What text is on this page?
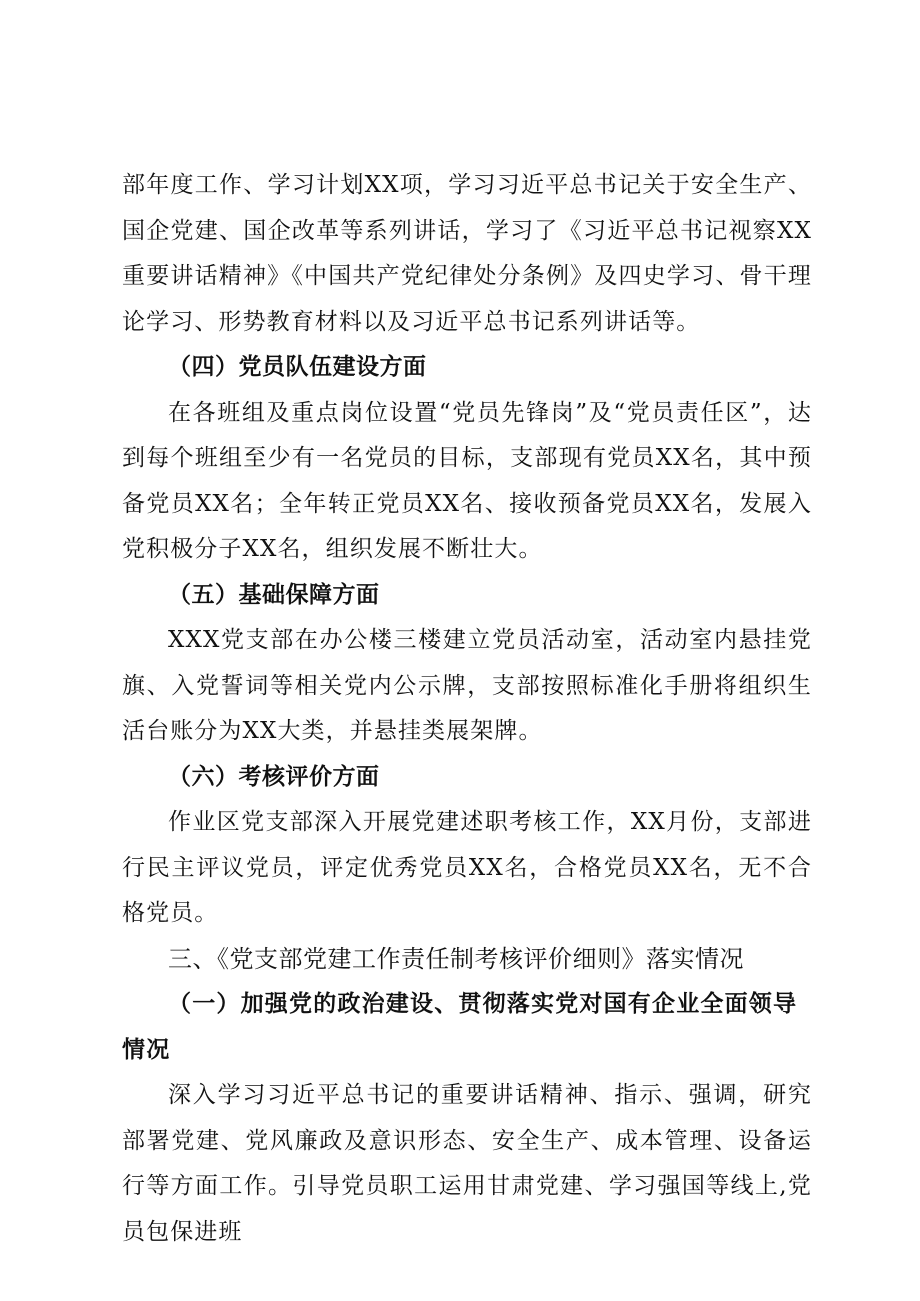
部年度工作、学习计划XX项，学习习近平总书记关于安全生产、国企党建、国企改革等系列讲话，学习了《习近平总书记视察XX重要讲话精神》《中国共产党纪律处分条例》及四史学习、骨干理论学习、形势教育材料以及习近平总书记系列讲话等。

（四）党员队伍建设方面

在各班组及重点岗位设置“党员先锋岗”及“党员责任区”，达到每个班组至少有一名党员的目标，支部现有党员XX名，其中预备党员XX名；全年转正党员XX名、接收预备党员XX名，发展入党积极分子XX名，组织发展不断壮大。

（五）基础保障方面

XXX党支部在办公楼三楼建立党员活动室，活动室内悬挂党旗、入党誓词等相关党内公示牌，支部按照标准化手册将组织生活台账分为XX大类，并悬挂类展架牌。

（六）考核评价方面

作业区党支部深入开展党建述职考核工作，XX月份，支部进行民主评议党员，评定优秀党员XX名，合格党员XX名，无不合格党员。

三、《党支部党建工作责任制考核评价细则》落实情况

（一）加强党的政治建设、贯彻落实党对国有企业全面领导情况

深入学习习近平总书记的重要讲话精神、指示、强调，研究部署党建、党风廉政及意识形态、安全生产、成本管理、设备运行等方面工作。引导党员职工运用甘肃党建、学习强国等线上,党员包保进班
